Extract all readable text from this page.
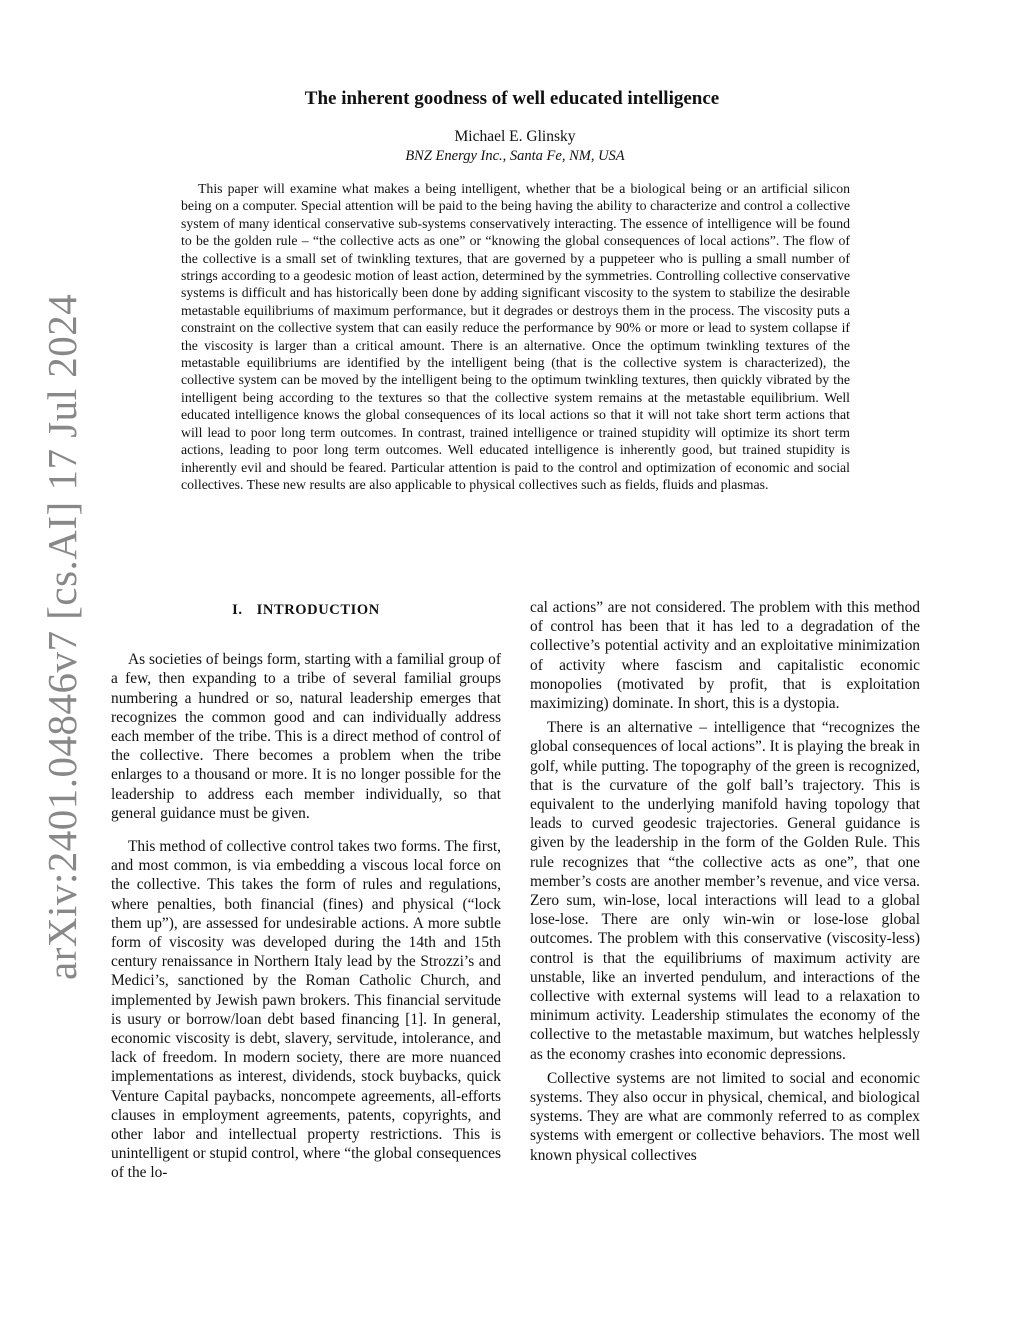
arXiv:2401.04846v7 [cs.AI] 17 Jul 2024
The inherent goodness of well educated intelligence
Michael E. Glinsky
BNZ Energy Inc., Santa Fe, NM, USA

This paper will examine what makes a being intelligent, whether that be a biological being or an artificial silicon being on a computer. Special attention will be paid to the being having the ability to characterize and control a collective system of many identical conservative sub-systems conservatively interacting. The essence of intelligence will be found to be the golden rule – “the collective acts as one” or “knowing the global consequences of local actions”. The flow of the collective is a small set of twinkling textures, that are governed by a puppeteer who is pulling a small number of strings according to a geodesic motion of least action, determined by the symmetries. Controlling collective conservative systems is difficult and has historically been done by adding significant viscosity to the system to stabilize the desirable metastable equilibriums of maximum performance, but it degrades or destroys them in the process. The viscosity puts a constraint on the collective system that can easily reduce the performance by 90% or more or lead to system collapse if the viscosity is larger than a critical amount. There is an alternative. Once the optimum twinkling textures of the metastable equilibriums are identified by the intelligent being (that is the collective system is characterized), the collective system can be moved by the intelligent being to the optimum twinkling textures, then quickly vibrated by the intelligent being according to the textures so that the collective system remains at the metastable equilibrium. Well educated intelligence knows the global consequences of its local actions so that it will not take short term actions that will lead to poor long term outcomes. In contrast, trained intelligence or trained stupidity will optimize its short term actions, leading to poor long term outcomes. Well educated intelligence is inherently good, but trained stupidity is inherently evil and should be feared. Particular attention is paid to the control and optimization of economic and social collectives. These new results are also applicable to physical collectives such as fields, fluids and plasmas.

I. INTRODUCTION

As societies of beings form, starting with a familial group of a few, then expanding to a tribe of several familial groups numbering a hundred or so, natural leadership emerges that recognizes the common good and can individually address each member of the tribe. This is a direct method of control of the collective. There becomes a problem when the tribe enlarges to a thousand or more. It is no longer possible for the leadership to address each member individually, so that general guidance must be given.

This method of collective control takes two forms. The first, and most common, is via embedding a viscous local force on the collective. This takes the form of rules and regulations, where penalties, both financial (fines) and physical (“lock them up”), are assessed for undesirable actions. A more subtle form of viscosity was developed during the 14th and 15th century renaissance in Northern Italy lead by the Strozzi’s and Medici’s, sanctioned by the Roman Catholic Church, and implemented by Jewish pawn brokers. This financial servitude is usury or borrow/loan debt based financing [1]. In general, economic viscosity is debt, slavery, servitude, intolerance, and lack of freedom. In modern society, there are more nuanced implementations as interest, dividends, stock buybacks, quick Venture Capital paybacks, noncompete agreements, all-efforts clauses in employment agreements, patents, copyrights, and other labor and intellectual property restrictions. This is unintelligent or stupid control, where “the global consequences of the lo-

cal actions” are not considered. The problem with this method of control has been that it has led to a degradation of the collective’s potential activity and an exploitative minimization of activity where fascism and capitalistic economic monopolies (motivated by profit, that is exploitation maximizing) dominate. In short, this is a dystopia.

There is an alternative – intelligence that “recognizes the global consequences of local actions”. It is playing the break in golf, while putting. The topography of the green is recognized, that is the curvature of the golf ball’s trajectory. This is equivalent to the underlying manifold having topology that leads to curved geodesic trajectories. General guidance is given by the leadership in the form of the Golden Rule. This rule recognizes that “the collective acts as one”, that one member’s costs are another member’s revenue, and vice versa. Zero sum, win-lose, local interactions will lead to a global lose-lose. There are only win-win or lose-lose global outcomes. The problem with this conservative (viscosity-less) control is that the equilibriums of maximum activity are unstable, like an inverted pendulum, and interactions of the collective with external systems will lead to a relaxation to minimum activity. Leadership stimulates the economy of the collective to the metastable maximum, but watches helplessly as the economy crashes into economic depressions.

Collective systems are not limited to social and economic systems. They also occur in physical, chemical, and biological systems. They are what are commonly referred to as complex systems with emergent or collective behaviors. The most well known physical collectives
